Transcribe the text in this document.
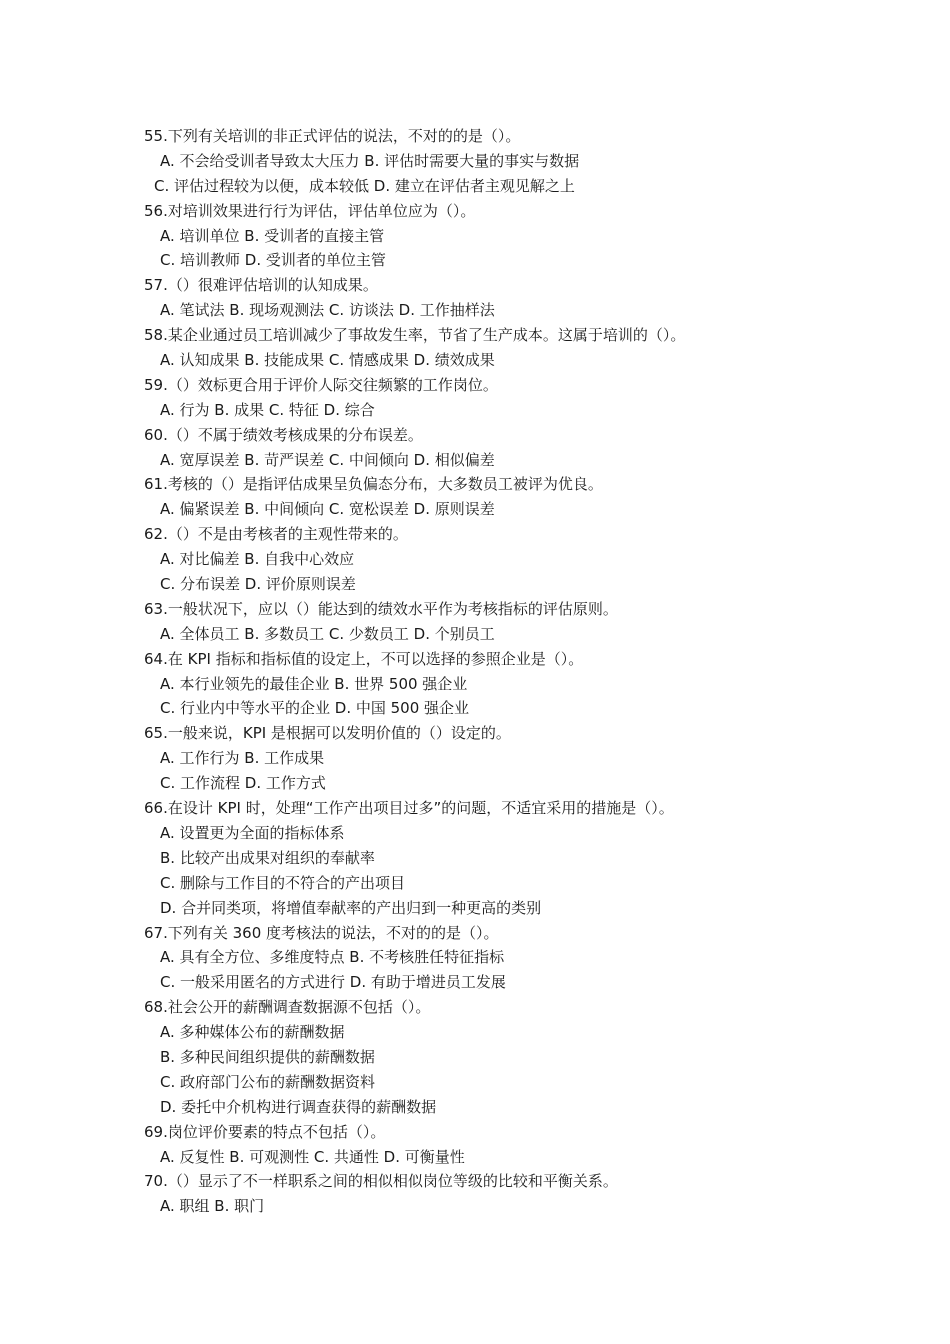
55.下列有关培训的非正式评估的说法，不对的的是（）。
A. 不会给受训者导致太大压力 B. 评估时需要大量的事实与数据
C. 评估过程较为以便，成本较低 D. 建立在评估者主观见解之上
56.对培训效果进行行为评估，评估单位应为（）。
A. 培训单位 B. 受训者的直接主管
C. 培训教师 D. 受训者的单位主管
57.（）很难评估培训的认知成果。
A. 笔试法 B. 现场观测法 C. 访谈法 D. 工作抽样法
58.某企业通过员工培训减少了事故发生率，节省了生产成本。这属于培训的（）。
A. 认知成果 B. 技能成果 C. 情感成果 D. 绩效成果
59.（）效标更合用于评价人际交往频繁的工作岗位。
A. 行为 B. 成果 C. 特征 D. 综合
60.（）不属于绩效考核成果的分布误差。
A. 宽厚误差 B. 苛严误差 C. 中间倾向 D. 相似偏差
61.考核的（）是指评估成果呈负偏态分布，大多数员工被评为优良。
A. 偏紧误差 B. 中间倾向 C. 宽松误差 D. 原则误差
62.（）不是由考核者的主观性带来的。
A. 对比偏差 B. 自我中心效应
C. 分布误差 D. 评价原则误差
63.一般状况下，应以（）能达到的绩效水平作为考核指标的评估原则。
A. 全体员工 B. 多数员工 C. 少数员工 D. 个别员工
64.在 KPI 指标和指标值的设定上，不可以选择的参照企业是（）。
A. 本行业领先的最佳企业 B. 世界 500 强企业
C. 行业内中等水平的企业 D. 中国 500 强企业
65.一般来说，KPI 是根据可以发明价值的（）设定的。
A. 工作行为 B. 工作成果
C. 工作流程 D. 工作方式
66.在设计 KPI 时，处理“工作产出项目过多”的问题，不适宜采用的措施是（）。
A. 设置更为全面的指标体系
B. 比较产出成果对组织的奉献率
C. 删除与工作目的不符合的产出项目
D. 合并同类项，将增值奉献率的产出归到一种更高的类别
67.下列有关 360 度考核法的说法，不对的的是（）。
A. 具有全方位、多维度特点 B. 不考核胜任特征指标
C. 一般采用匿名的方式进行 D. 有助于增进员工发展
68.社会公开的薪酬调查数据源不包括（）。
A. 多种媒体公布的薪酬数据
B. 多种民间组织提供的薪酬数据
C. 政府部门公布的薪酬数据资料
D. 委托中介机构进行调查获得的薪酬数据
69.岗位评价要素的特点不包括（）。
A. 反复性 B. 可观测性 C. 共通性 D. 可衡量性
70.（）显示了不一样职系之间的相似相似岗位等级的比较和平衡关系。
A. 职组 B. 职门
